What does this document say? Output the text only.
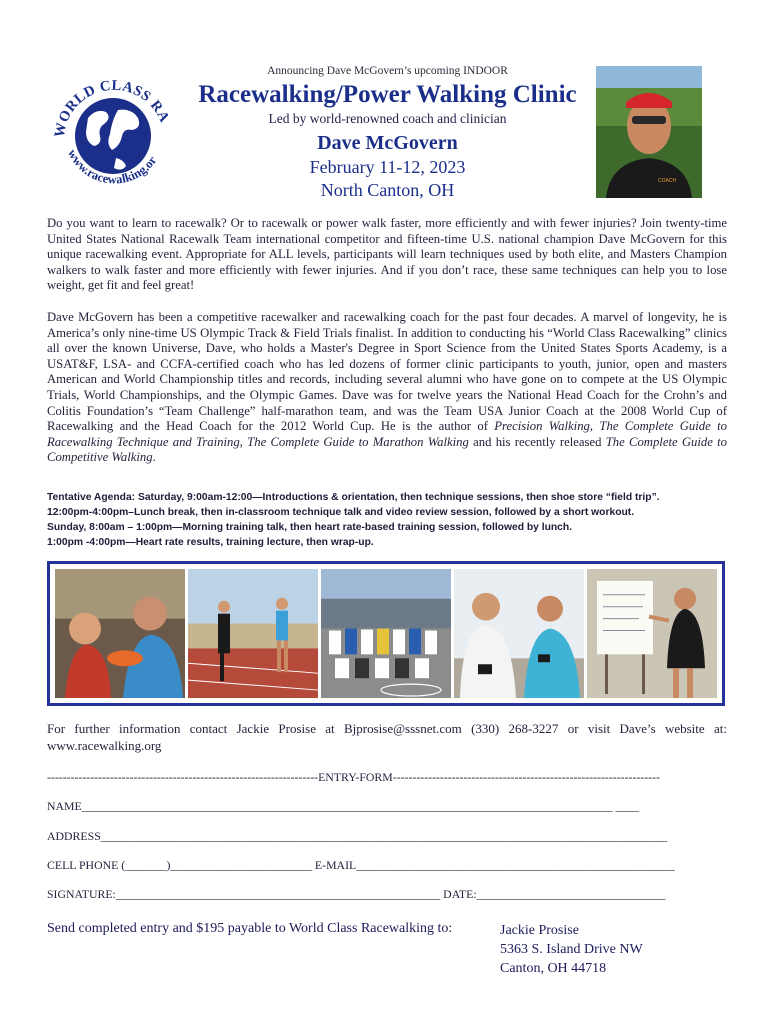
WORLD CLASS RA
www.racewalking.or
Announcing Dave McGovern’s upcoming INDOOR
Racewalking/Power Walking Clinic
Led by world-renowned coach and clinician
Dave McGovern
February 11-12, 2023
North Canton, OH	COACH
Do you want to learn to racewalk? Or to racewalk or power walk faster, more efficiently and with fewer injuries? Join twenty-time United States National Racewalk Team international competitor and fifteen-time U.S. national champion Dave McGovern for this unique racewalking event. Appropriate for ALL levels, participants will learn techniques used by both elite, and Masters Champion walkers to walk faster and more efficiently with fewer injuries. And if you don’t race, these same techniques can help you to lose weight, get fit and feel great!
Dave McGovern has been a competitive racewalker and racewalking coach for the past four decades. A marvel of longevity, he is America’s only nine-time US Olympic Track & Field Trials finalist. In addition to conducting his “World Class Racewalking” clinics all over the known Universe, Dave, who holds a Master's Degree in Sport Science from the United States Sports Academy, is a USAT&F, LSA- and CCFA-certified coach who has led dozens of former clinic participants to youth, junior, open and masters American and World Championship titles and records, including several alumni who have gone on to compete at the US Olympic Trials, World Championships, and the Olympic Games. Dave was for twelve years the National Head Coach for the Crohn’s and Colitis Foundation’s “Team Challenge” half-marathon team, and was the Team USA Junior Coach at the 2008 World Cup of Racewalking and the Head Coach for the 2012 World Cup. He is the author of Precision Walking, The Complete Guide to Racewalking Technique and Training, The Complete Guide to Marathon Walking and his recently released The Complete Guide to Competitive Walking.
Tentative Agenda: Saturday, 9:00am-12:00—Introductions & orientation, then technique sessions, then shoe store “field trip”.
12:00pm-4:00pm–Lunch break, then in-classroom technique talk and video review session, followed by a short workout.
Sunday, 8:00am – 1:00pm—Morning training talk, then heart rate-based training session, followed by lunch.
1:00pm -4:00pm—Heart rate results, training lecture, then wrap-up.
For further information contact Jackie Prosise at Bjprosise@sssnet.com (330) 268-3227 or visit Dave’s website at: www.racewalking.org
---------------------------------------------------------------------ENTRY-FORM--------------------------------------------------------------------
NAME__________________________________________________________________________________________ ____
ADDRESS________________________________________________________________________________________________
CELL PHONE (_______)________________________ E-MAIL______________________________________________________
SIGNATURE:_______________________________________________________ DATE:________________________________
Send completed entry and $195 payable to World Class Racewalking to:	Jackie Prosise
5363 S. Island Drive NW
Canton, OH 44718
